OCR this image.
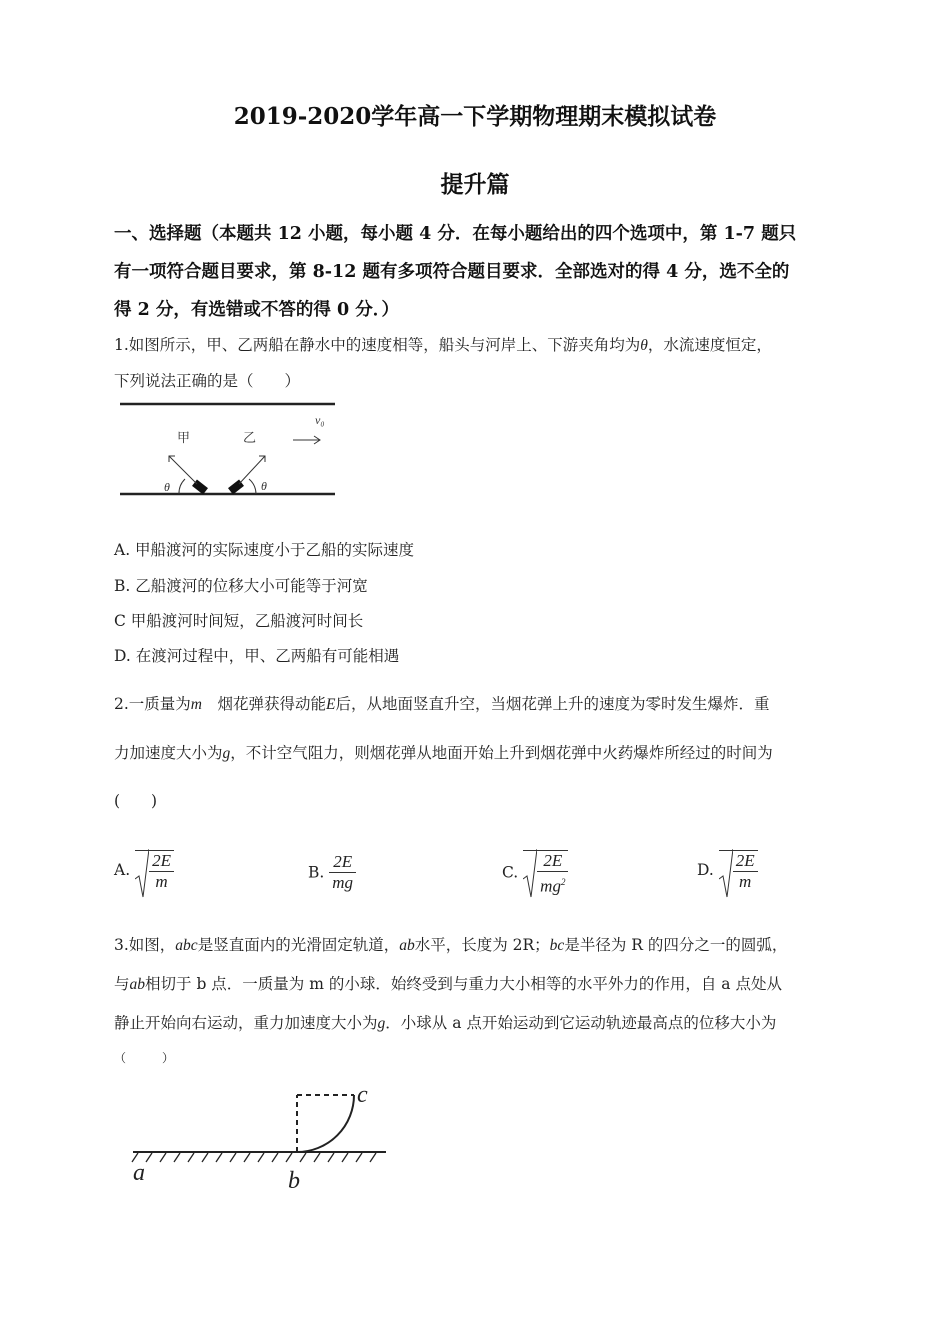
2019-2020学年高一下学期物理期末模拟试卷
提升篇
一、选择题（本题共 12 小题，每小题 4 分．在每小题给出的四个选项中，第 1-7 题只
有一项符合题目要求，第 8-12 题有多项符合题目要求．全部选对的得 4 分，选不全的
得 2 分，有选错或不答的得 0 分．）
1.如图所示，甲、乙两船在静水中的速度相等，船头与河岸上、下游夹角均为θ，水流速度恒定，
下列说法正确的是（　　）
甲	乙
v₀
θ	θ
A. 甲船渡河的实际速度小于乙船的实际速度
B. 乙船渡河的位移大小可能等于河宽
C 甲船渡河时间短，乙船渡河时间长
D. 在渡河过程中，甲、乙两船有可能相遇
2.一质量为m　烟花弹获得动能E后，从地面竖直升空，当烟花弹上升的速度为零时发生爆炸．重
力加速度大小为g，不计空气阻力，则烟花弹从地面开始上升到烟花弹中火药爆炸所经过的时间为
(　　)
A. $\frac{2E}{m}$	B. $\frac{2E}{mg}$	C. $\frac{2E}{mg^2}$	D. $\frac{2E}{m}$
3.如图，abc是竖直面内的光滑固定轨道，ab水平，长度为 2R；bc是半径为 R 的四分之一的圆弧，
与ab相切于 b 点．一质量为 m 的小球．始终受到与重力大小相等的水平外力的作用，自 a 点处从
静止开始向右运动，重力加速度大小为g．小球从 a 点开始运动到它运动轨迹最高点的位移大小为
（　　　）
a	b
c
